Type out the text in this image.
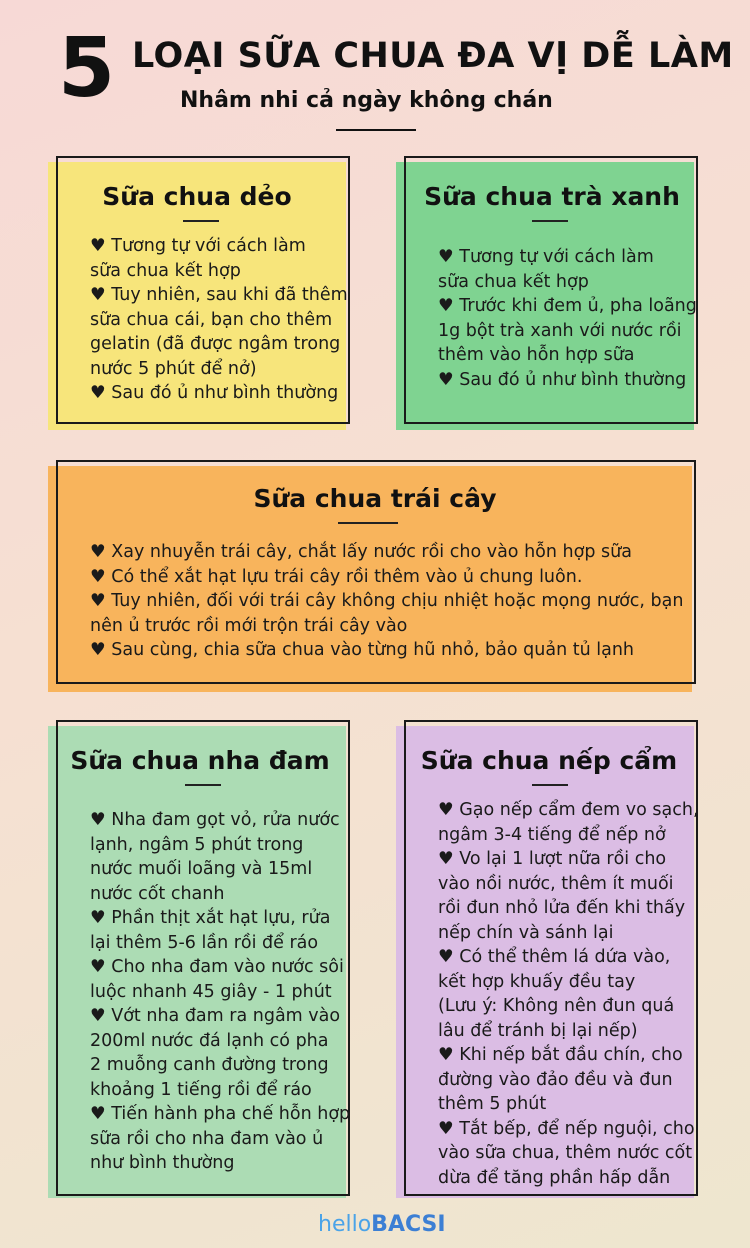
5 LOẠI SỮA CHUA ĐA VỊ DỄ LÀM
Nhâm nhi cả ngày không chán
Sữa chua dẻo
♥ Tương tự với cách làm
sữa chua kết hợp
♥ Tuy nhiên, sau khi đã thêm
sữa chua cái, bạn cho thêm
gelatin (đã được ngâm trong
nước 5 phút để nở)
♥ Sau đó ủ như bình thường
Sữa chua trà xanh
♥ Tương tự với cách làm
sữa chua kết hợp
♥ Trước khi đem ủ, pha loãng
1g bột trà xanh với nước rồi
thêm vào hỗn hợp sữa
♥ Sau đó ủ như bình thường
Sữa chua trái cây
♥ Xay nhuyễn trái cây, chắt lấy nước rồi cho vào hỗn hợp sữa
♥ Có thể xắt hạt lựu trái cây rồi thêm vào ủ chung luôn.
♥ Tuy nhiên, đối với trái cây không chịu nhiệt hoặc mọng nước, bạn
nên ủ trước rồi mới trộn trái cây vào
♥ Sau cùng, chia sữa chua vào từng hũ nhỏ, bảo quản tủ lạnh
Sữa chua nha đam
♥ Nha đam gọt vỏ, rửa nước
lạnh, ngâm 5 phút trong
nước muối loãng và 15ml
nước cốt chanh
♥ Phần thịt xắt hạt lựu, rửa
lại thêm 5-6 lần rồi để ráo
♥ Cho nha đam vào nước sôi
luộc nhanh 45 giây - 1 phút
♥ Vớt nha đam ra ngâm vào
200ml nước đá lạnh có pha
2 muỗng canh đường trong
khoảng 1 tiếng rồi để ráo
♥ Tiến hành pha chế hỗn hợp
sữa rồi cho nha đam vào ủ
như bình thường
Sữa chua nếp cẩm
♥ Gạo nếp cẩm đem vo sạch,
ngâm 3-4 tiếng để nếp nở
♥ Vo lại 1 lượt nữa rồi cho
vào nồi nước, thêm ít muối
rồi đun nhỏ lửa đến khi thấy
nếp chín và sánh lại
♥ Có thể thêm lá dứa vào,
kết hợp khuấy đều tay
(Lưu ý: Không nên đun quá
lâu để tránh bị lại nếp)
♥ Khi nếp bắt đầu chín, cho
đường vào đảo đều và đun
thêm 5 phút
♥ Tắt bếp, để nếp nguội, cho
vào sữa chua, thêm nước cốt
dừa để tăng phần hấp dẫn
helloBACSI
